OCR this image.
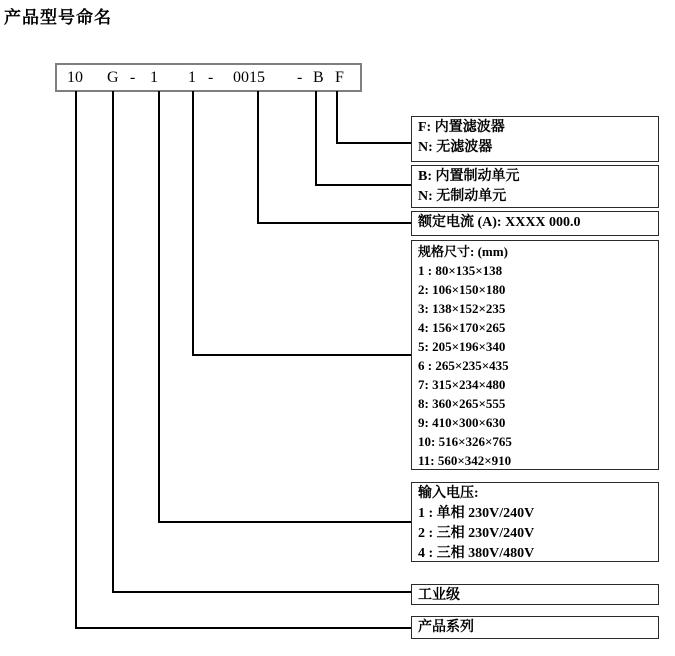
产品型号命名
10 G - 1 1 - 0015 - B F
F: 内置滤波器
N: 无滤波器
B: 内置制动单元
N: 无制动单元
额定电流 (A): XXXX 000.0
规格尺寸: (mm)
1 : 80×135×138
2: 106×150×180
3: 138×152×235
4: 156×170×265
5: 205×196×340
6 : 265×235×435
7: 315×234×480
8: 360×265×555
9: 410×300×630
10: 516×326×765
11: 560×342×910
输入电压:
1 : 单相 230V/240V
2 : 三相 230V/240V
4 : 三相 380V/480V
工业级
产品系列
